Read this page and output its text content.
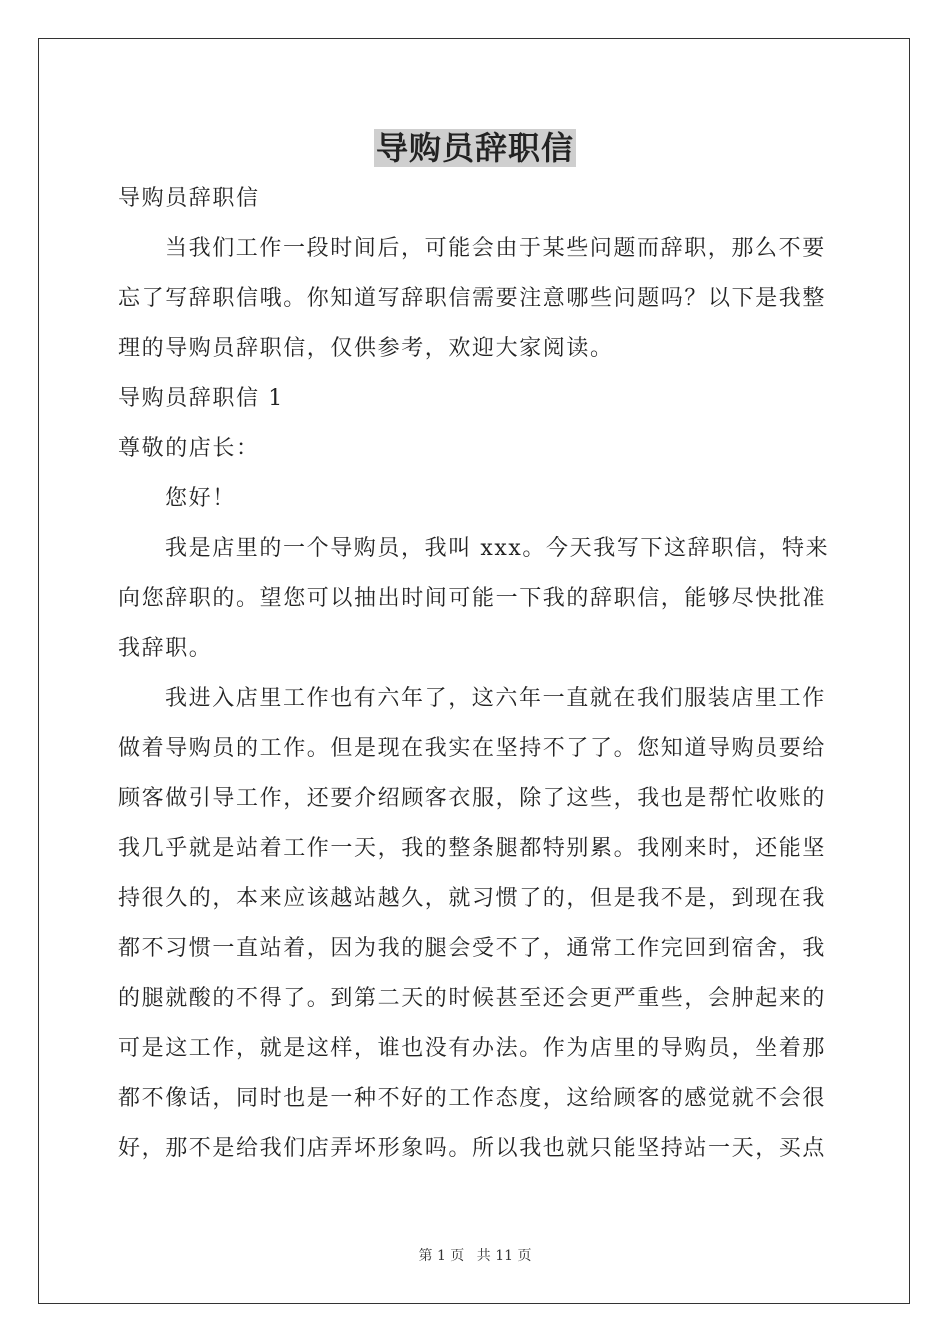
导购员辞职信
导购员辞职信
当我们工作一段时间后，可能会由于某些问题而辞职，那么不要
忘了写辞职信哦。你知道写辞职信需要注意哪些问题吗？以下是我整
理的导购员辞职信，仅供参考，欢迎大家阅读。
导购员辞职信 1
尊敬的店长：
您好！
我是店里的一个导购员，我叫 xxx。今天我写下这辞职信，特来
向您辞职的。望您可以抽出时间可能一下我的辞职信，能够尽快批准
我辞职。
我进入店里工作也有六年了，这六年一直就在我们服装店里工作
做着导购员的工作。但是现在我实在坚持不了了。您知道导购员要给
顾客做引导工作，还要介绍顾客衣服，除了这些，我也是帮忙收账的
我几乎就是站着工作一天，我的整条腿都特别累。我刚来时，还能坚
持很久的，本来应该越站越久，就习惯了的，但是我不是，到现在我
都不习惯一直站着，因为我的腿会受不了，通常工作完回到宿舍，我
的腿就酸的不得了。到第二天的时候甚至还会更严重些，会肿起来的
可是这工作，就是这样，谁也没有办法。作为店里的导购员，坐着那
都不像话，同时也是一种不好的工作态度，这给顾客的感觉就不会很
好，那不是给我们店弄坏形象吗。所以我也就只能坚持站一天，买点
第 1 页 共 11 页
